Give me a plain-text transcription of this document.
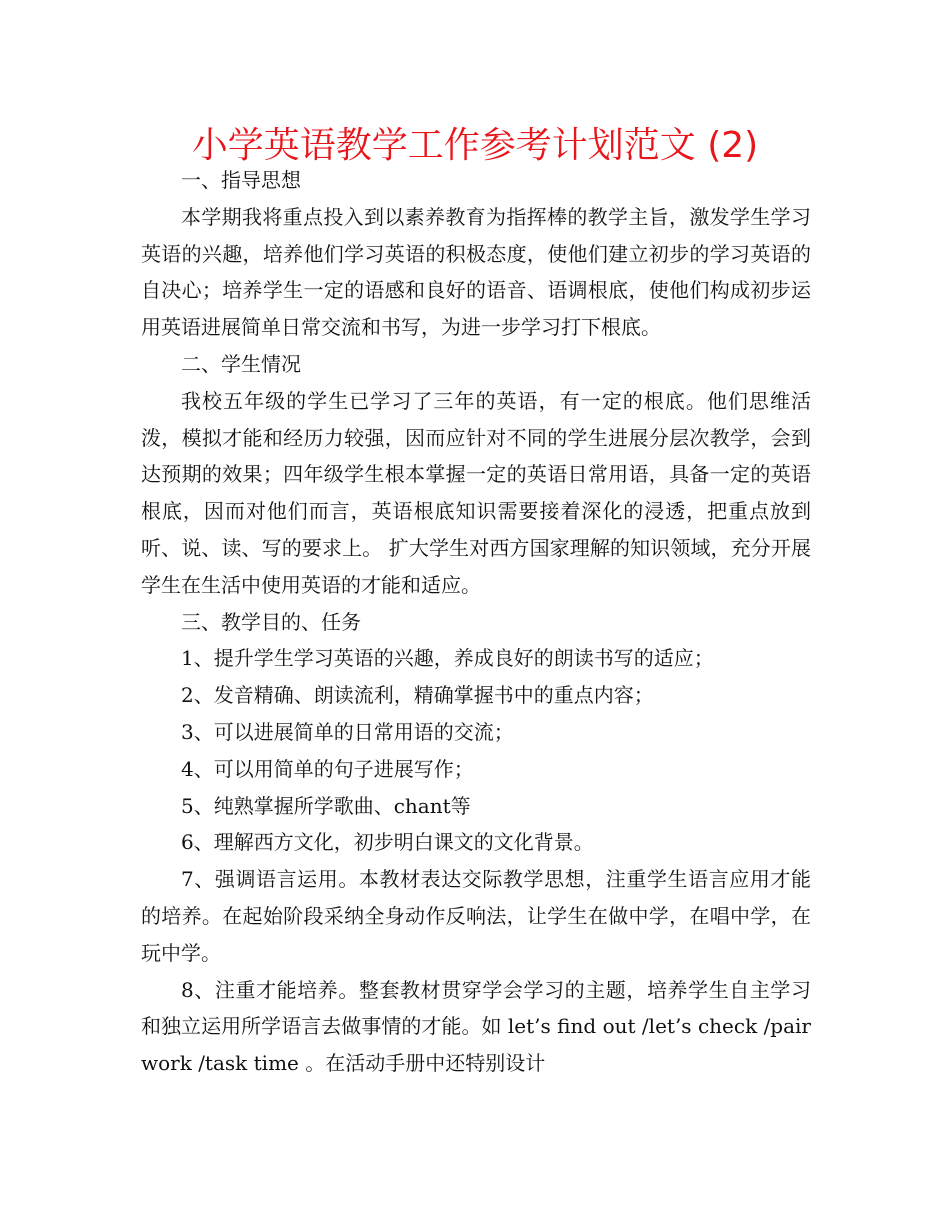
小学英语教学工作参考计划范文 (2)

一、指导思想

本学期我将重点投入到以素养教育为指挥棒的教学主旨，激发学生学习英语的兴趣，培养他们学习英语的积极态度，使他们建立初步的学习英语的自决心；培养学生一定的语感和良好的语音、语调根底，使他们构成初步运用英语进展简单日常交流和书写，为进一步学习打下根底。

二、学生情况

我校五年级的学生已学习了三年的英语，有一定的根底。他们思维活泼，模拟才能和经历力较强，因而应针对不同的学生进展分层次教学，会到达预期的效果；四年级学生根本掌握一定的英语日常用语，具备一定的英语根底，因而对他们而言，英语根底知识需要接着深化的浸透，把重点放到听、说、读、写的要求上。 扩大学生对西方国家理解的知识领域，充分开展学生在生活中使用英语的才能和适应。

三、教学目的、任务

1、提升学生学习英语的兴趣，养成良好的朗读书写的适应；

2、发音精确、朗读流利，精确掌握书中的重点内容；

3、可以进展简单的日常用语的交流；

4、可以用简单的句子进展写作；

5、纯熟掌握所学歌曲、chant等

6、理解西方文化，初步明白课文的文化背景。

7、强调语言运用。本教材表达交际教学思想，注重学生语言应用才能的培养。在起始阶段采纳全身动作反响法，让学生在做中学，在唱中学，在玩中学。

8、注重才能培养。整套教材贯穿学会学习的主题，培养学生自主学习和独立运用所学语言去做事情的才能。如 let’s find out /let’s check /pair work /task time 。在活动手册中还特别设计
